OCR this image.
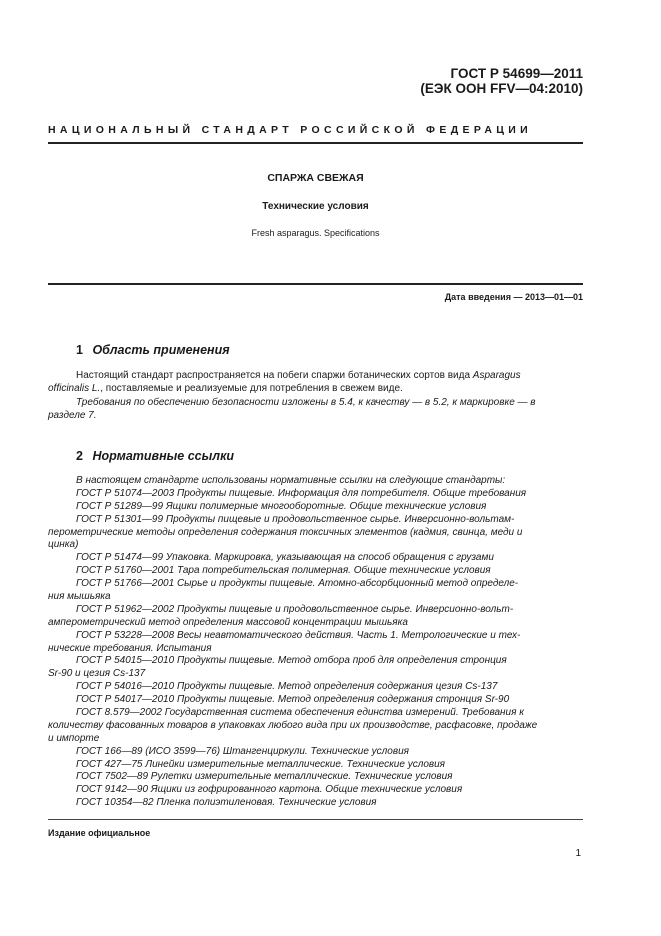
ГОСТ Р 54699—2011
(ЕЭК ООН FFV—04:2010)
НАЦИОНАЛЬНЫЙ СТАНДАРТ РОССИЙСКОЙ ФЕДЕРАЦИИ
СПАРЖА СВЕЖАЯ
Технические условия
Fresh asparagus. Specifications
Дата введения — 2013—01—01
1 Область применения
Настоящий стандарт распространяется на побеги спаржи ботанических сортов вида Asparagus
officinalis L., поставляемые и реализуемые для потребления в свежем виде.
Требования по обеспечению безопасности изложены в 5.4, к качеству — в 5.2, к маркировке — в
разделе 7.
2 Нормативные ссылки
В настоящем стандарте использованы нормативные ссылки на следующие стандарты:
ГОСТ Р 51074—2003 Продукты пищевые. Информация для потребителя. Общие требования
ГОСТ Р 51289—99 Ящики полимерные многооборотные. Общие технические условия
ГОСТ Р 51301—99 Продукты пищевые и продовольственное сырье. Инверсионно-вольтам-
перометрические методы определения содержания токсичных элементов (кадмия, свинца, меди и
цинка)
ГОСТ Р 51474—99 Упаковка. Маркировка, указывающая на способ обращения с грузами
ГОСТ Р 51760—2001 Тара потребительская полимерная. Общие технические условия
ГОСТ Р 51766—2001 Сырье и продукты пищевые. Атомно-абсорбционный метод определе-
ния мышьяка
ГОСТ Р 51962—2002 Продукты пищевые и продовольственное сырье. Инверсионно-вольт-
амперометрический метод определения массовой концентрации мышьяка
ГОСТ Р 53228—2008 Весы неавтоматического действия. Часть 1. Метрологические и тех-
нические требования. Испытания
ГОСТ Р 54015—2010 Продукты пищевые. Метод отбора проб для определения стронция
Sr-90 и цезия Cs-137
ГОСТ Р 54016—2010 Продукты пищевые. Метод определения содержания цезия Cs-137
ГОСТ Р 54017—2010 Продукты пищевые. Метод определения содержания стронция Sr-90
ГОСТ 8.579—2002 Государственная система обеспечения единства измерений. Требования к
количеству фасованных товаров в упаковках любого вида при их производстве, расфасовке, продаже
и импорте
ГОСТ 166—89 (ИСО 3599—76) Штангенциркули. Технические условия
ГОСТ 427—75 Линейки измерительные металлические. Технические условия
ГОСТ 7502—89 Рулетки измерительные металлические. Технические условия
ГОСТ 9142—90 Ящики из гофрированного картона. Общие технические условия
ГОСТ 10354—82 Пленка полиэтиленовая. Технические условия
Издание официальное
1
